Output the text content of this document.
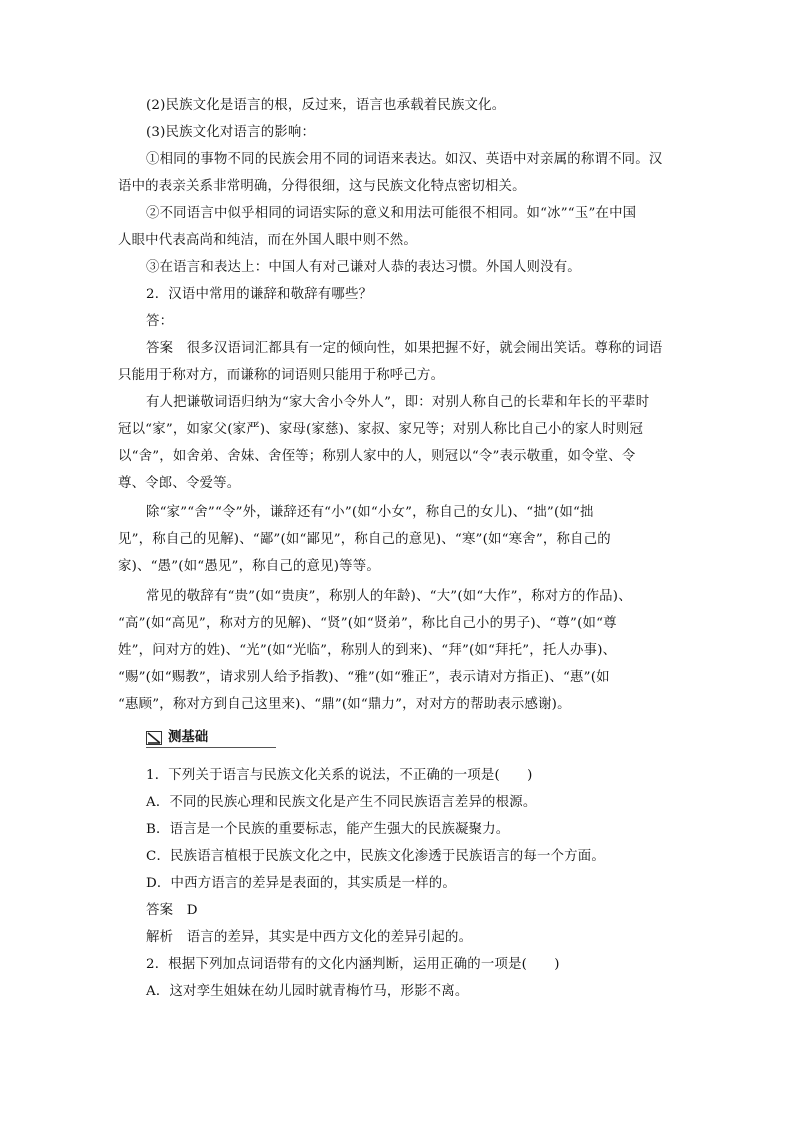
(2)民族文化是语言的根，反过来，语言也承载着民族文化。
(3)民族文化对语言的影响：
①相同的事物不同的民族会用不同的词语来表达。如汉、英语中对亲属的称谓不同。汉
语中的表亲关系非常明确，分得很细，这与民族文化特点密切相关。
②不同语言中似乎相同的词语实际的意义和用法可能很不相同。如“冰”“玉”在中国
人眼中代表高尚和纯洁，而在外国人眼中则不然。
③在语言和表达上：中国人有对己谦对人恭的表达习惯。外国人则没有。
2．汉语中常用的谦辞和敬辞有哪些？
答：
答案　很多汉语词汇都具有一定的倾向性，如果把握不好，就会闹出笑话。尊称的词语
只能用于称对方，而谦称的词语则只能用于称呼己方。
有人把谦敬词语归纳为“家大舍小令外人”，即：对别人称自己的长辈和年长的平辈时
冠以“家”，如家父(家严)、家母(家慈)、家叔、家兄等；对别人称比自己小的家人时则冠
以“舍”，如舍弟、舍妹、舍侄等；称别人家中的人，则冠以“令”表示敬重，如令堂、令
尊、令郎、令爱等。
除“家”“舍”“令”外，谦辞还有“小”(如“小女”，称自己的女儿)、“拙”(如“拙
见”，称自己的见解)、“鄙”(如“鄙见”，称自己的意见)、“寒”(如“寒舍”，称自己的
家)、“愚”(如“愚见”，称自己的意见)等等。
常见的敬辞有“贵”(如“贵庚”，称别人的年龄)、“大”(如“大作”，称对方的作品)、
“高”(如“高见”，称对方的见解)、“贤”(如“贤弟”，称比自己小的男子)、“尊”(如“尊
姓”，问对方的姓)、“光”(如“光临”，称别人的到来)、“拜”(如“拜托”，托人办事)、
“赐”(如“赐教”，请求别人给予指教)、“雅”(如“雅正”，表示请对方指正)、“惠”(如
“惠顾”，称对方到自己这里来)、“鼎”(如“鼎力”，对对方的帮助表示感谢)。
测基础
1．下列关于语言与民族文化关系的说法，不正确的一项是(　　)
A．不同的民族心理和民族文化是产生不同民族语言差异的根源。
B．语言是一个民族的重要标志，能产生强大的民族凝聚力。
C．民族语言植根于民族文化之中，民族文化渗透于民族语言的每一个方面。
D．中西方语言的差异是表面的，其实质是一样的。
答案　D
解析　语言的差异，其实是中西方文化的差异引起的。
2．根据下列加点词语带有的文化内涵判断，运用正确的一项是(　　)
A．这对孪生姐妹在幼儿园时就青梅竹马，形影不离。
